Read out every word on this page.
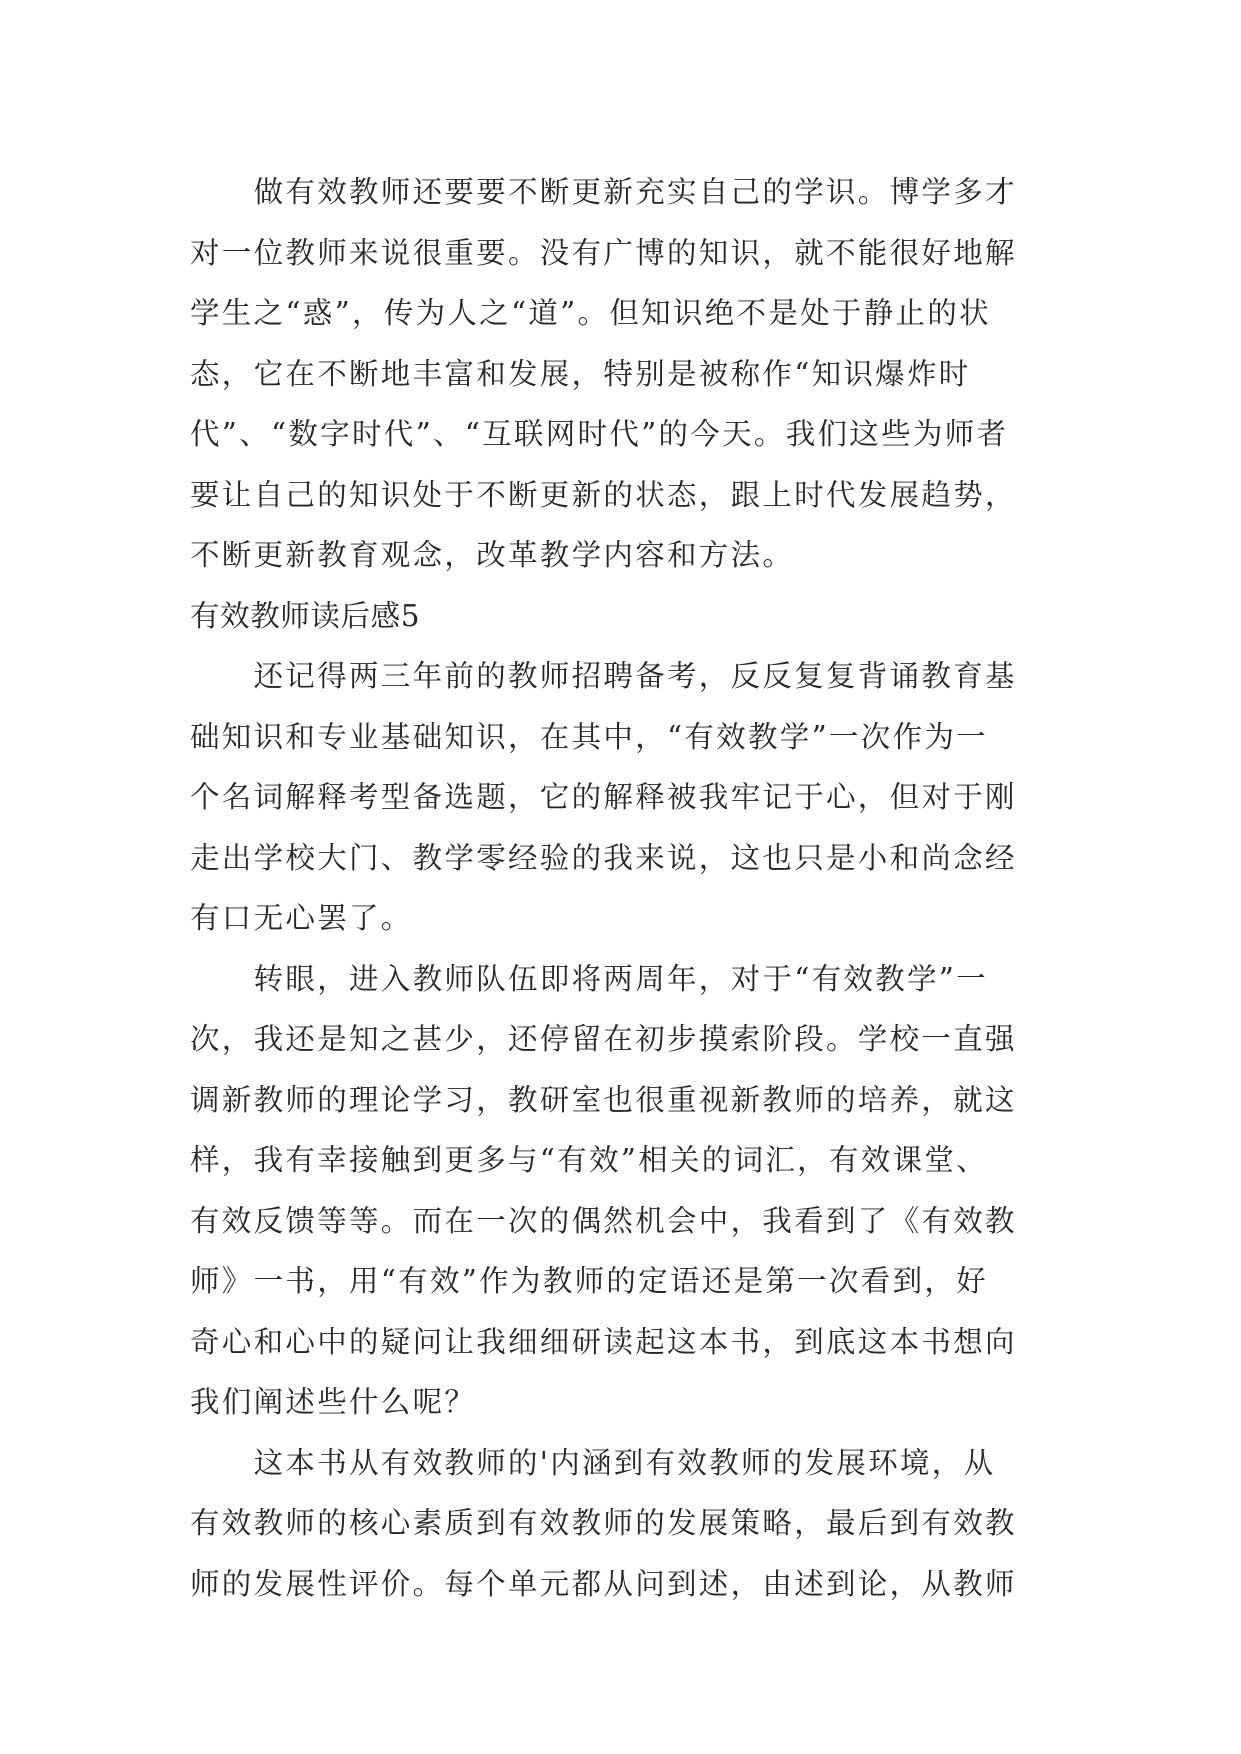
　　做有效教师还要要不断更新充实自己的学识。博学多才
对一位教师来说很重要。没有广博的知识，就不能很好地解
学生之“惑”，传为人之“道”。但知识绝不是处于静止的状
态，它在不断地丰富和发展，特别是被称作“知识爆炸时
代”、“数字时代”、“互联网时代”的今天。我们这些为师者
要让自己的知识处于不断更新的状态，跟上时代发展趋势，
不断更新教育观念，改革教学内容和方法。
有效教师读后感5
　　还记得两三年前的教师招聘备考，反反复复背诵教育基
础知识和专业基础知识，在其中，“有效教学”一次作为一
个名词解释考型备选题，它的解释被我牢记于心，但对于刚
走出学校大门、教学零经验的我来说，这也只是小和尚念经
有口无心罢了。
　　转眼，进入教师队伍即将两周年，对于“有效教学”一
次，我还是知之甚少，还停留在初步摸索阶段。学校一直强
调新教师的理论学习，教研室也很重视新教师的培养，就这
样，我有幸接触到更多与“有效”相关的词汇，有效课堂、
有效反馈等等。而在一次的偶然机会中，我看到了《有效教
师》一书，用“有效”作为教师的定语还是第一次看到，好
奇心和心中的疑问让我细细研读起这本书，到底这本书想向
我们阐述些什么呢？
　　这本书从有效教师的'内涵到有效教师的发展环境，从
有效教师的核心素质到有效教师的发展策略，最后到有效教
师的发展性评价。每个单元都从问到述，由述到论，从教师
